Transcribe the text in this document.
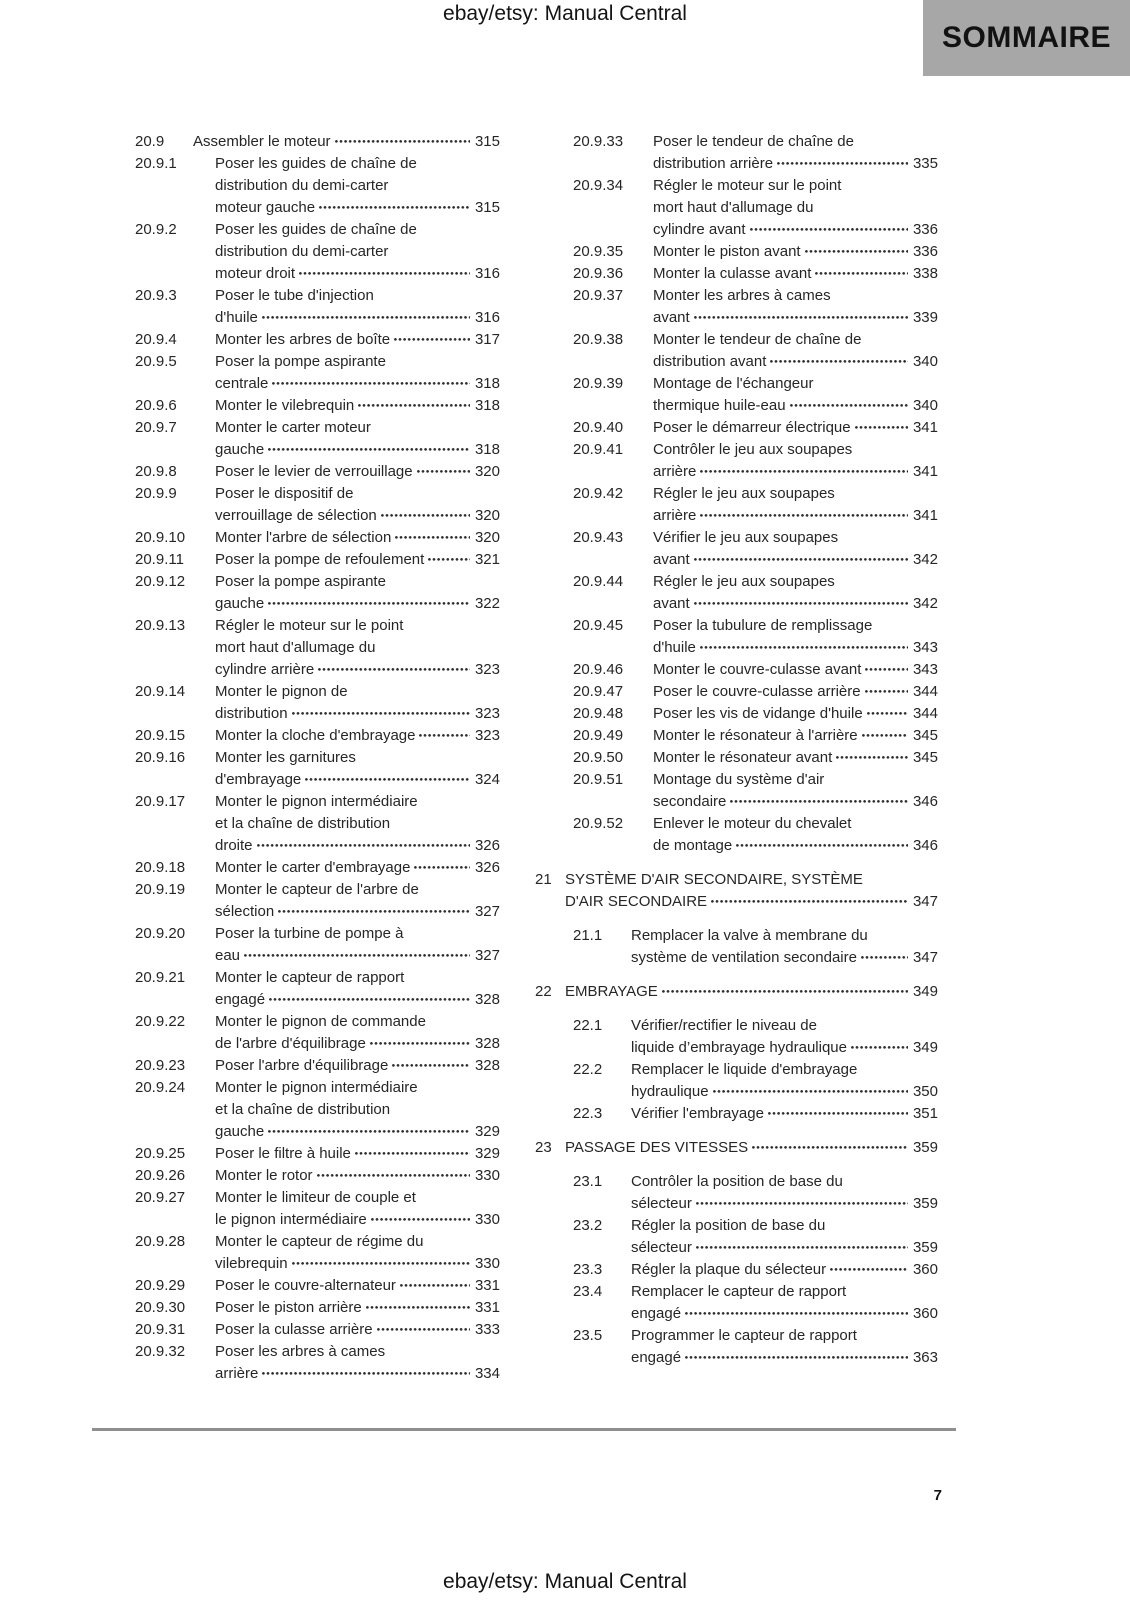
ebay/etsy: Manual Central
SOMMAIRE
20.9	Assembler le moteur	315
20.9.1	Poser les guides de chaîne de
distribution du demi-carter
moteur gauche	315
20.9.2	Poser les guides de chaîne de
distribution du demi-carter
moteur droit	316
20.9.3	Poser le tube d'injection
d'huile	316
20.9.4	Monter les arbres de boîte	317
20.9.5	Poser la pompe aspirante
centrale	318
20.9.6	Monter le vilebrequin	318
20.9.7	Monter le carter moteur
gauche	318
20.9.8	Poser le levier de verrouillage	320
20.9.9	Poser le dispositif de
verrouillage de sélection	320
20.9.10	Monter l'arbre de sélection	320
20.9.11	Poser la pompe de refoulement	321
20.9.12	Poser la pompe aspirante
gauche	322
20.9.13	Régler le moteur sur le point
mort haut d'allumage du
cylindre arrière	323
20.9.14	Monter le pignon de
distribution	323
20.9.15	Monter la cloche d'embrayage	323
20.9.16	Monter les garnitures
d'embrayage	324
20.9.17	Monter le pignon intermédiaire
et la chaîne de distribution
droite	326
20.9.18	Monter le carter d'embrayage	326
20.9.19	Monter le capteur de l'arbre de
sélection	327
20.9.20	Poser la turbine de pompe à
eau	327
20.9.21	Monter le capteur de rapport
engagé	328
20.9.22	Monter le pignon de commande
de l'arbre d'équilibrage	328
20.9.23	Poser l'arbre d'équilibrage	328
20.9.24	Monter le pignon intermédiaire
et la chaîne de distribution
gauche	329
20.9.25	Poser le filtre à huile	329
20.9.26	Monter le rotor	330
20.9.27	Monter le limiteur de couple et
le pignon intermédiaire	330
20.9.28	Monter le capteur de régime du
vilebrequin	330
20.9.29	Poser le couvre-alternateur	331
20.9.30	Poser le piston arrière	331
20.9.31	Poser la culasse arrière	333
20.9.32	Poser les arbres à cames
arrière	334
20.9.33	Poser le tendeur de chaîne de
distribution arrière	335
20.9.34	Régler le moteur sur le point
mort haut d'allumage du
cylindre avant	336
20.9.35	Monter le piston avant	336
20.9.36	Monter la culasse avant	338
20.9.37	Monter les arbres à cames
avant	339
20.9.38	Monter le tendeur de chaîne de
distribution avant	340
20.9.39	Montage de l'échangeur
thermique huile-eau	340
20.9.40	Poser le démarreur électrique	341
20.9.41	Contrôler le jeu aux soupapes
arrière	341
20.9.42	Régler le jeu aux soupapes
arrière	341
20.9.43	Vérifier le jeu aux soupapes
avant	342
20.9.44	Régler le jeu aux soupapes
avant	342
20.9.45	Poser la tubulure de remplissage
d'huile	343
20.9.46	Monter le couvre-culasse avant	343
20.9.47	Poser le couvre-culasse arrière	344
20.9.48	Poser les vis de vidange d'huile	344
20.9.49	Monter le résonateur à l'arrière	345
20.9.50	Monter le résonateur avant	345
20.9.51	Montage du système d'air
secondaire	346
20.9.52	Enlever le moteur du chevalet
de montage	346
21 SYSTÈME D'AIR SECONDAIRE, SYSTÈME
D'AIR SECONDAIRE	347
21.1	Remplacer la valve à membrane du
système de ventilation secondaire	347
22 EMBRAYAGE	349
22.1	Vérifier/rectifier le niveau de
liquide d’embrayage hydraulique	349
22.2	Remplacer le liquide d'embrayage
hydraulique	350
22.3	Vérifier l'embrayage	351
23 PASSAGE DES VITESSES	359
23.1	Contrôler la position de base du
sélecteur	359
23.2	Régler la position de base du
sélecteur	359
23.3	Régler la plaque du sélecteur	360
23.4	Remplacer le capteur de rapport
engagé	360
23.5	Programmer le capteur de rapport
engagé	363
7
ebay/etsy: Manual Central
